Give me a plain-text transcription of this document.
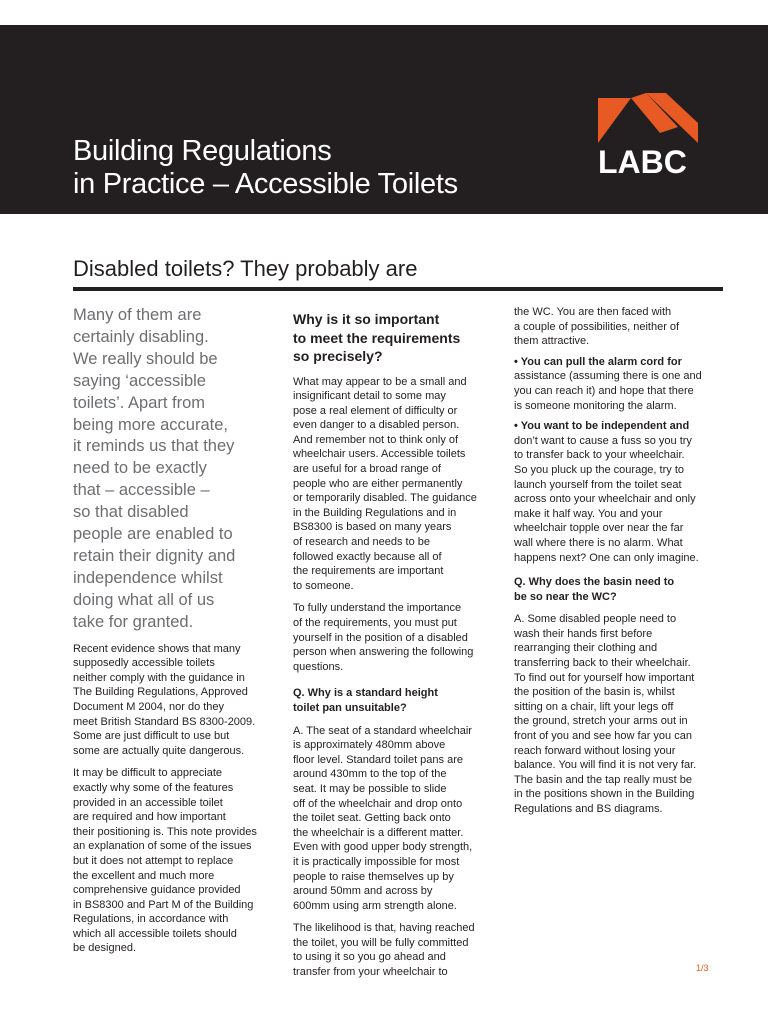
Building Regulations
in Practice – Accessible Toilets
LABC
Disabled toilets? They probably are

Many of them are
certainly disabling.
We really should be
saying ‘accessible
toilets’. Apart from
being more accurate,
it reminds us that they
need to be exactly
that – accessible –
so that disabled
people are enabled to
retain their dignity and
independence whilst
doing what all of us
take for granted.

Recent evidence shows that many
supposedly accessible toilets
neither comply with the guidance in
The Building Regulations, Approved
Document M 2004, nor do they
meet British Standard BS 8300-2009.
Some are just difficult to use but
some are actually quite dangerous.

It may be difficult to appreciate
exactly why some of the features
provided in an accessible toilet
are required and how important
their positioning is. This note provides
an explanation of some of the issues
but it does not attempt to replace
the excellent and much more
comprehensive guidance provided
in BS8300 and Part M of the Building
Regulations, in accordance with
which all accessible toilets should
be designed.

Why is it so important
to meet the requirements
so precisely?

What may appear to be a small and
insignificant detail to some may
pose a real element of difficulty or
even danger to a disabled person.
And remember not to think only of
wheelchair users. Accessible toilets
are useful for a broad range of
people who are either permanently
or temporarily disabled. The guidance
in the Building Regulations and in
BS8300 is based on many years
of research and needs to be
followed exactly because all of
the requirements are important
to someone.

To fully understand the importance
of the requirements, you must put
yourself in the position of a disabled
person when answering the following
questions.

Q. Why is a standard height
toilet pan unsuitable?

A. The seat of a standard wheelchair
is approximately 480mm above
floor level. Standard toilet pans are
around 430mm to the top of the
seat. It may be possible to slide
off of the wheelchair and drop onto
the toilet seat. Getting back onto
the wheelchair is a different matter.
Even with good upper body strength,
it is practically impossible for most
people to raise themselves up by
around 50mm and across by
600mm using arm strength alone.

The likelihood is that, having reached
the toilet, you will be fully committed
to using it so you go ahead and
transfer from your wheelchair to

the WC. You are then faced with
a couple of possibilities, neither of
them attractive.

• You can pull the alarm cord for
assistance (assuming there is one and
you can reach it) and hope that there
is someone monitoring the alarm.

• You want to be independent and
don’t want to cause a fuss so you try
to transfer back to your wheelchair.
So you pluck up the courage, try to
launch yourself from the toilet seat
across onto your wheelchair and only
make it half way. You and your
wheelchair topple over near the far
wall where there is no alarm. What
happens next? One can only imagine.

Q. Why does the basin need to
be so near the WC?

A. Some disabled people need to
wash their hands first before
rearranging their clothing and
transferring back to their wheelchair.
To find out for yourself how important
the position of the basin is, whilst
sitting on a chair, lift your legs off
the ground, stretch your arms out in
front of you and see how far you can
reach forward without losing your
balance. You will find it is not very far.
The basin and the tap really must be
in the positions shown in the Building
Regulations and BS diagrams.

1/3
